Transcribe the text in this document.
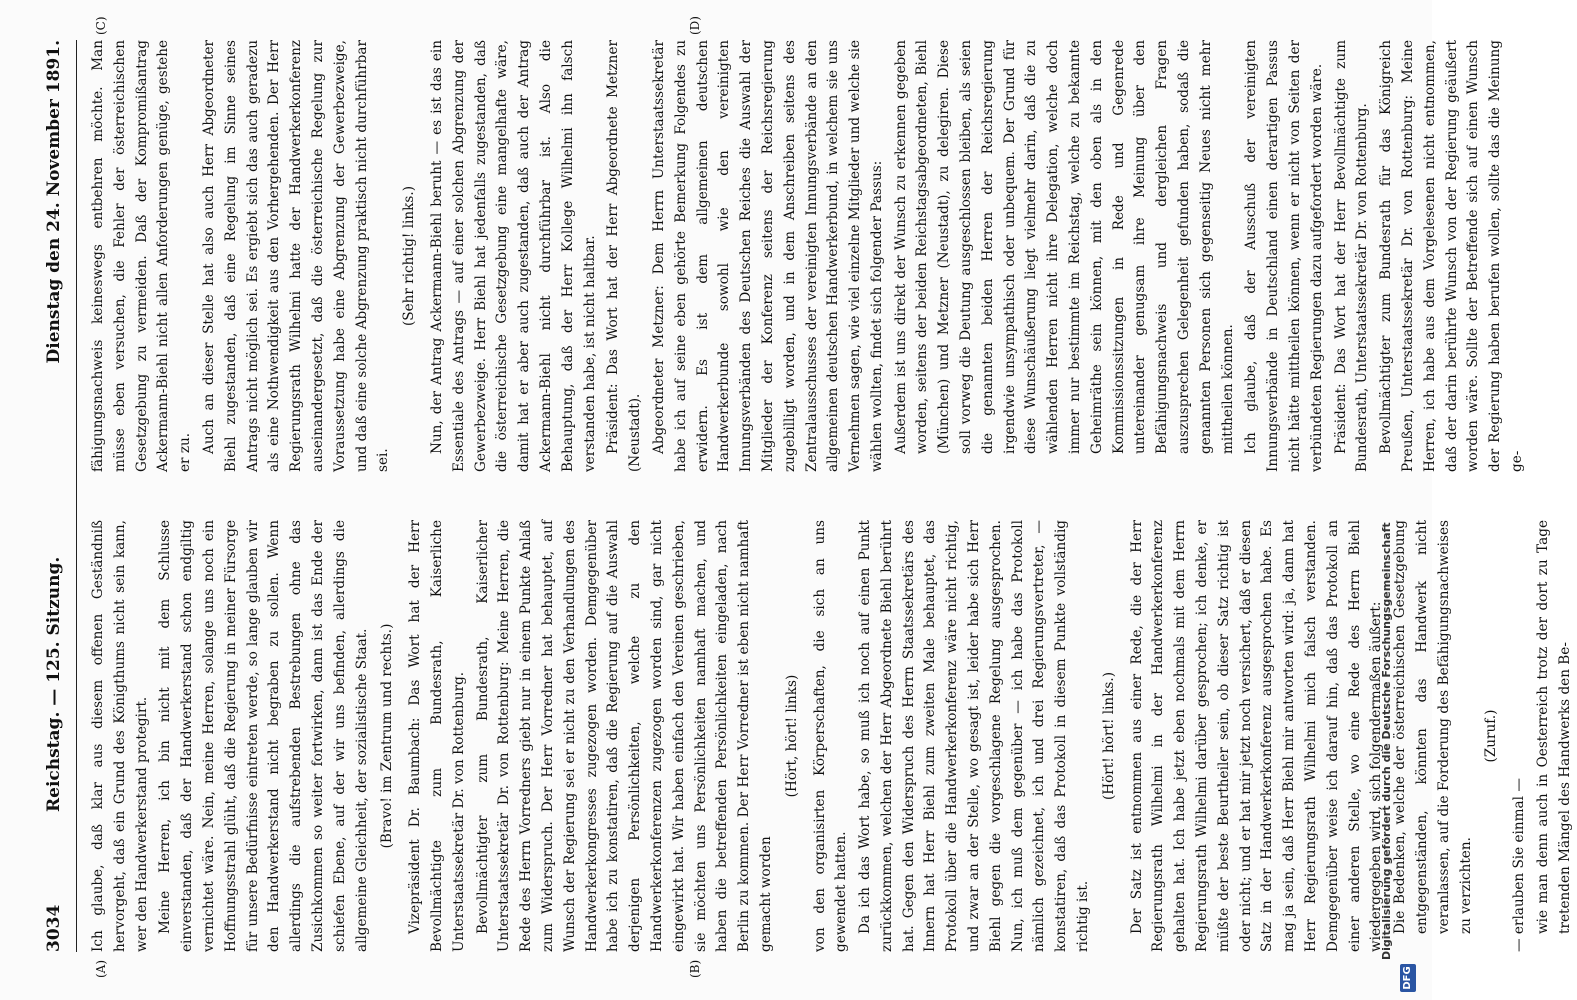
3034
Reichstag. — 125. Sitzung.
Dienstag den 24. November 1891.
(A)	(B)
(C)	(D)

Ich glaube, daß klar aus diesem offenen Geständniß hervorgeht, daß ein Grund des Königthums nicht sein kann, wer den Handwerkerstand protegirt. Meine Herren, ich bin nicht mit dem Schlusse einverstanden, daß der Handwerkerstand schon endgiltig vernichtet wäre. Nein, meine Herren, solange uns noch ein Hoffnungsstrahl glüht, daß die Regierung in meiner Fürsorge für unsere Bedürfnisse eintreten werde, so lange glauben wir den Handwerkerstand nicht begraben zu sollen. Wenn allerdings die aufstrebenden Bestrebungen ohne das Zusichkommen so weiter fortwirken, dann ist das Ende der schiefen Ebene, auf der wir uns befinden, allerdings die allgemeine Gleichheit, der sozialistische Staat. (Bravo! im Zentrum und rechts.) Vizepräsident Dr. Baumbach: Das Wort hat der Herr Bevollmächtigte zum Bundesrath, Kaiserliche Unterstaatssekretär Dr. von Rottenburg. Bevollmächtigter zum Bundesrath, Kaiserlicher Unterstaatssekretär Dr. von Rottenburg: Meine Herren, die Rede des Herrn Vorredners giebt nur in einem Punkte Anlaß zum Widerspruch. Der Herr Vorredner hat behauptet, auf Wunsch der Regierung sei er nicht zu den Verhandlungen des Handwerkerkongresses zugezogen worden. Demgegenüber habe ich zu konstatiren, daß die Regierung auf die Auswahl derjenigen Persönlichkeiten, welche zu den Handwerkerkonferenzen zugezogen worden sind, gar nicht eingewirkt hat. Wir haben einfach den Vereinen geschrieben, sie möchten uns Persönlichkeiten namhaft machen, und haben die betreffenden Persönlichkeiten eingeladen, nach Berlin zu kommen. Der Herr Vorredner ist eben nicht namhaft gemacht worden

(Hört, hört! links) von den organisirten Körperschaften, die sich an uns gewendet hatten. Da ich das Wort habe, so muß ich noch auf einen Punkt zurückkommen, welchen der Herr Abgeordnete Biehl berührt hat. Gegen den Widerspruch des Herrn Staatssekretärs des Innern hat Herr Biehl zum zweiten Male behauptet, das Protokoll über die Handwerkerkonferenz wäre nicht richtig, und zwar an der Stelle, wo gesagt ist, leider habe sich Herr Biehl gegen die vorgeschlagene Regelung ausgesprochen. Nun, ich muß dem gegenüber — ich habe das Protokoll nämlich gezeichnet, ich und drei Regierungsvertreter, — konstatiren, daß das Protokoll in diesem Punkte vollständig richtig ist.

(Hört! hört! links.) Der Satz ist entnommen aus einer Rede, die der Herr Regierungsrath Wilhelmi in der Handwerkerkonferenz gehalten hat. Ich habe jetzt eben nochmals mit dem Herrn Regierungsrath Wilhelmi darüber gesprochen; ich denke, er müßte der beste Beurtheiler sein, ob dieser Satz richtig ist oder nicht; und er hat mir jetzt noch versichert, daß er diesen Satz in der Handwerkerkonferenz ausgesprochen habe. Es mag ja sein, daß Herr Biehl mir antworten wird: ja, dann hat Herr Regierungsrath Wilhelmi mich falsch verstanden. Demgegenüber weise ich darauf hin, daß das Protokoll an einer anderen Stelle, wo eine Rede des Herrn Biehl wiedergegeben wird, sich folgendermaßen äußert: Die Bedenken, welche der österreichischen Gesetzgebung entgegenständen, könnten das Handwerk nicht veranlassen, auf die Forderung des Befähigungsnachweises zu verzichten.

(Zuruf.)

— erlauben Sie einmal — wie man denn auch in Oesterreich trotz der dort zu Tage tretenden Mängel des Handwerks den Be-

fähigungsnachweis keineswegs entbehren möchte. Man müsse eben versuchen, die Fehler der österreichischen Gesetzgebung zu vermeiden. Daß der Kompromißantrag Ackermann-Biehl nicht allen Anforderungen genüge, gestehe er zu. Auch an dieser Stelle hat also auch Herr Abgeordneter Biehl zugestanden, daß eine Regelung im Sinne seines Antrags nicht möglich sei. Es ergiebt sich das auch geradezu als eine Nothwendigkeit aus den Vorhergehenden. Der Herr Regierungsrath Wilhelmi hatte der Handwerkerkonferenz auseinandergesetzt, daß die österreichische Regelung zur Voraussetzung habe eine Abgrenzung der Gewerbezweige, und daß eine solche Abgrenzung praktisch nicht durchführbar sei.

(Sehr richtig! links.) Nun, der Antrag Ackermann-Biehl beruht — es ist das ein Essentiale des Antrags — auf einer solchen Abgrenzung der Gewerbezweige. Herr Biehl hat jedenfalls zugestanden, daß die österreichische Gesetzgebung eine mangelhafte wäre, damit hat er aber auch zugestanden, daß auch der Antrag Ackermann-Biehl nicht durchführbar ist. Also die Behauptung, daß der Herr Kollege Wilhelmi ihn falsch verstanden habe, ist nicht haltbar. Präsident: Das Wort hat der Herr Abgeordnete Metzner (Neustadt). Abgeordneter Metzner: Dem Herrn Unterstaatssekretär habe ich auf seine eben gehörte Bemerkung Folgendes zu erwidern. Es ist dem allgemeinen deutschen Handwerkerbunde sowohl wie den vereinigten Innungsverbänden des Deutschen Reiches die Auswahl der Mitglieder der Konferenz seitens der Reichsregierung zugebilligt worden, und in dem Anschreiben seitens des Zentralausschusses der vereinigten Innungsverbände an den allgemeinen deutschen Handwerkerbund, in welchem sie uns Vernehmen sagen, wie viel einzelne Mitglieder und welche sie wählen wollten, findet sich folgender Passus: Außerdem ist uns direkt der Wunsch zu erkennen gegeben worden, seitens der beiden Reichstagsabgeordneten, Biehl (München) und Metzner (Neustadt), zu delegiren. Diese soll vorweg die Deutung ausgeschlossen bleiben, als seien die genannten beiden Herren der Reichsregierung irgendwie unsympathisch oder unbequem. Der Grund für diese Wunschäußerung liegt vielmehr darin, daß die zu wählenden Herren nicht ihre Delegation, welche doch immer nur bestimmte im Reichstag, welche zu bekannte Geheimräthe sein können, mit den oben als in den Kommissionssitzungen in Rede und Gegenrede untereinander genugsam ihre Meinung über den Befähigungsnachweis und dergleichen Fragen auszusprechen Gelegenheit gefunden haben, sodaß die genannten Personen sich gegenseitig Neues nicht mehr mittheilen können. Ich glaube, daß der Ausschuß der vereinigten Innungsverbände in Deutschland einen derartigen Passus nicht hätte mittheilen können, wenn er nicht von Seiten der verbündeten Regierungen dazu aufgefordert worden wäre. Präsident: Das Wort hat der Herr Bevollmächtigte zum Bundesrath, Unterstaatssekretär Dr. von Rottenburg. Bevollmächtigter zum Bundesrath für das Königreich Preußen, Unterstaatssekretär Dr. von Rottenburg: Meine Herren, ich habe aus dem Vorgelesenen nicht entnommen, daß der darin berührte Wunsch von der Regierung geäußert worden wäre. Sollte der Betreffende sich auf einen Wunsch der Regierung haben berufen wollen, sollte das die Meinung ge-

DFG
Digitalisierung gefördert durch die Deutsche Forschungsgemeinschaft
